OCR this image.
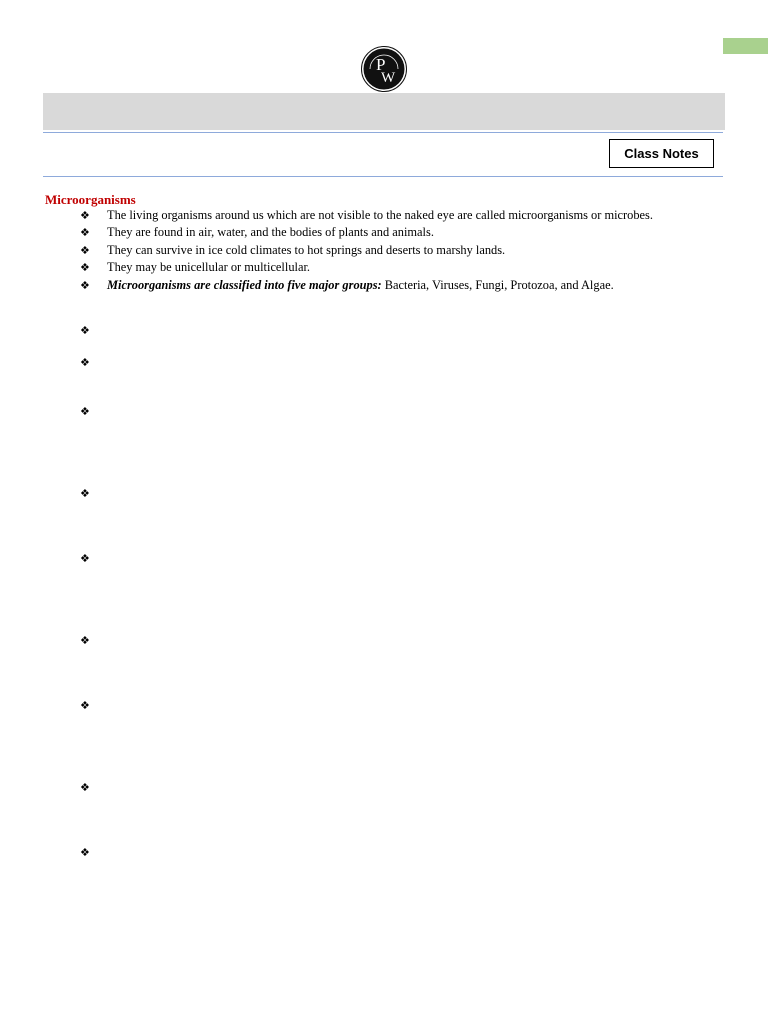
P
W
Class Notes
Microorganisms
❖	The living organisms around us which are not visible to the naked eye are called microorganisms or microbes.
❖	They are found in air, water, and the bodies of plants and animals.
❖	They can survive in ice cold climates to hot springs and deserts to marshy lands.
❖	They may be unicellular or multicellular.
❖	Microorganisms are classified into five major groups: Bacteria, Viruses, Fungi, Protozoa, and Algae.
❖
❖
❖
❖
❖
❖
❖
❖
❖
